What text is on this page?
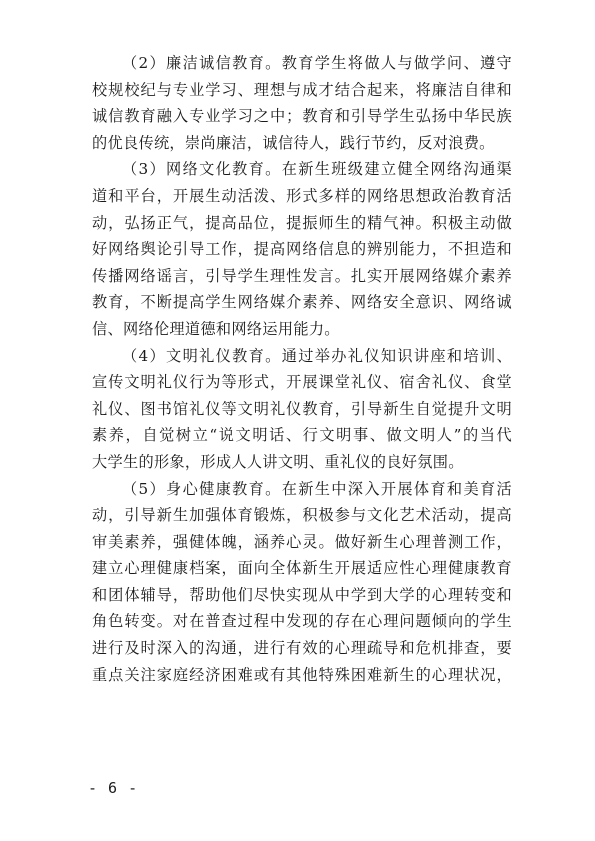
（2）廉洁诚信教育。教育学生将做人与做学问、遵守
校规校纪与专业学习、理想与成才结合起来，将廉洁自律和
诚信教育融入专业学习之中；教育和引导学生弘扬中华民族
的优良传统，崇尚廉洁，诚信待人，践行节约，反对浪费。

（3）网络文化教育。在新生班级建立健全网络沟通渠
道和平台，开展生动活泼、形式多样的网络思想政治教育活
动，弘扬正气，提高品位，提振师生的精气神。积极主动做
好网络舆论引导工作，提高网络信息的辨别能力，不担造和
传播网络谣言，引导学生理性发言。扎实开展网络媒介素养
教育，不断提高学生网络媒介素养、网络安全意识、网络诚
信、网络伦理道德和网络运用能力。

（4）文明礼仪教育。通过举办礼仪知识讲座和培训、
宣传文明礼仪行为等形式，开展课堂礼仪、宿舍礼仪、食堂
礼仪、图书馆礼仪等文明礼仪教育，引导新生自觉提升文明
素养，自觉树立“说文明话、行文明事、做文明人”的当代
大学生的形象，形成人人讲文明、重礼仪的良好氛围。

（5）身心健康教育。在新生中深入开展体育和美育活
动，引导新生加强体育锻炼，积极参与文化艺术活动，提高
审美素养，强健体魄，涵养心灵。做好新生心理普测工作，
建立心理健康档案，面向全体新生开展适应性心理健康教育
和团体辅导，帮助他们尽快实现从中学到大学的心理转变和
角色转变。对在普查过程中发现的存在心理问题倾向的学生
进行及时深入的沟通，进行有效的心理疏导和危机排查，要
重点关注家庭经济困难或有其他特殊困难新生的心理状况，

- 6 -
